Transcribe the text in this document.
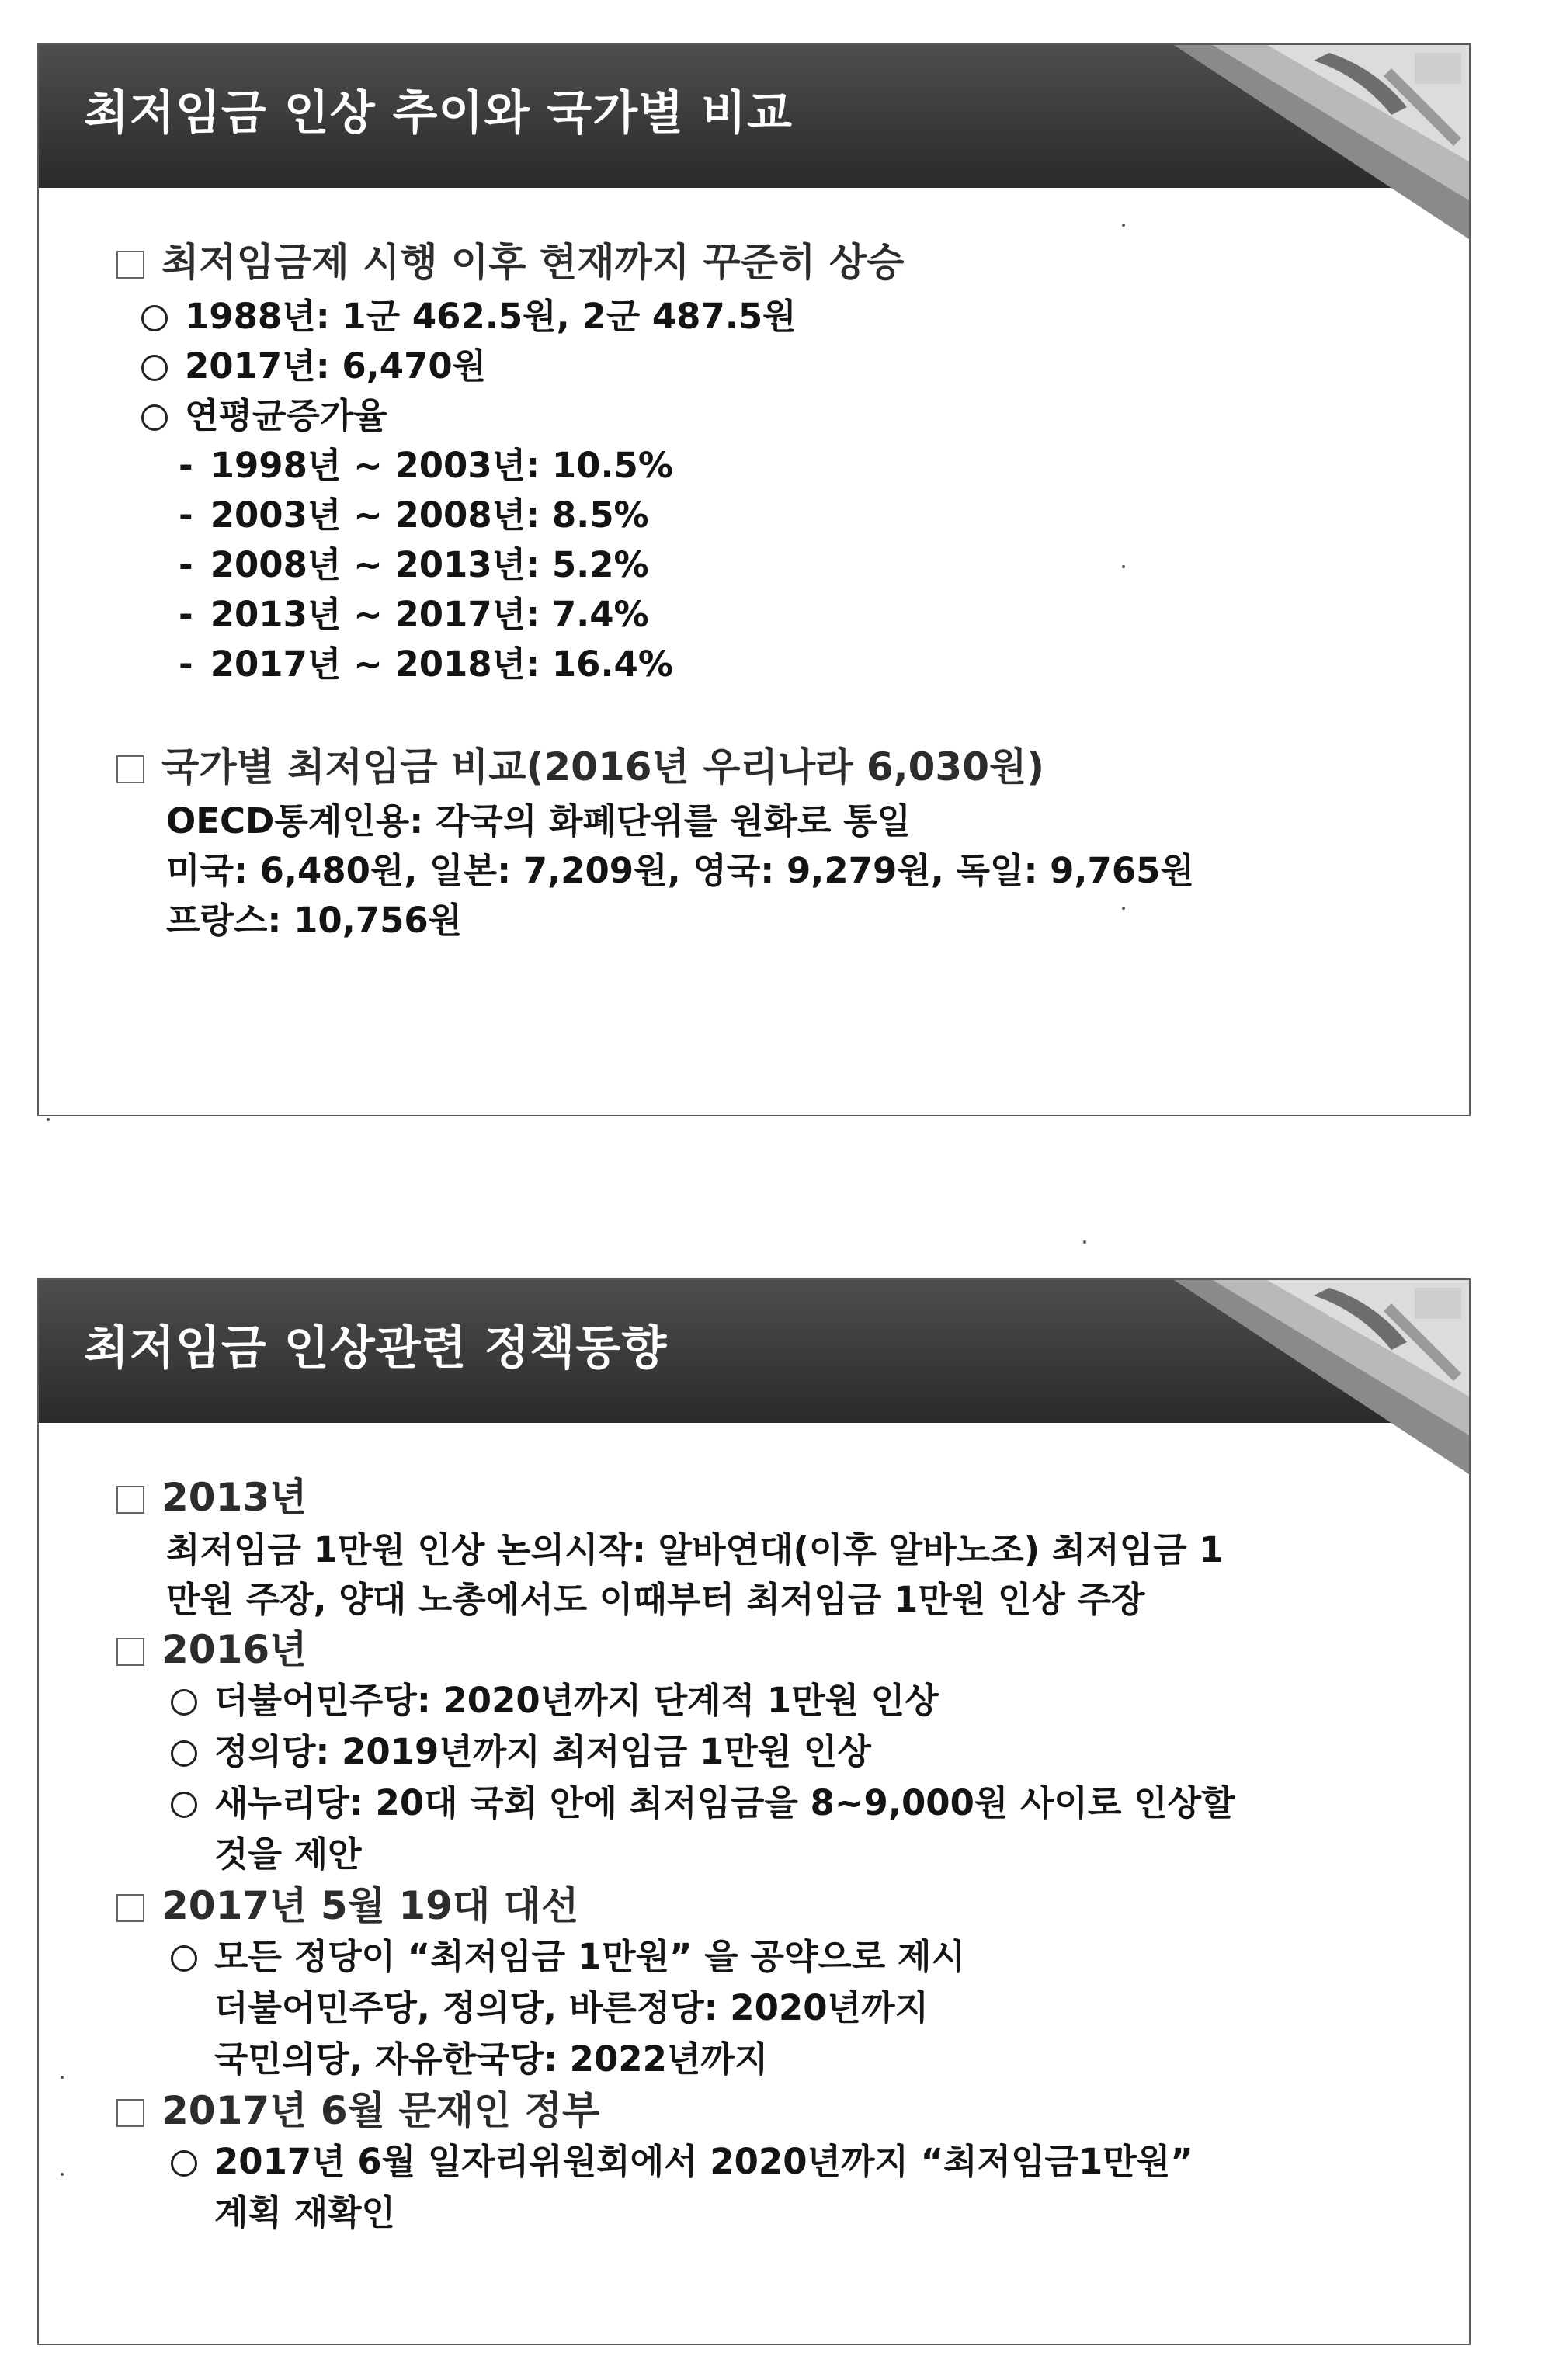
최저임금 인상 추이와 국가별 비교
최저임금제 시행 이후 현재까지 꾸준히 상승
1988년: 1군 462.5원, 2군 487.5원
2017년: 6,470원
연평균증가율
- 1998년 ~ 2003년: 10.5%
- 2003년 ~ 2008년: 8.5%
- 2008년 ~ 2013년: 5.2%
- 2013년 ~ 2017년: 7.4%
- 2017년 ~ 2018년: 16.4%
국가별 최저임금 비교(2016년 우리나라 6,030원)
OECD통계인용: 각국의 화폐단위를 원화로 통일
미국: 6,480원, 일본: 7,209원, 영국: 9,279원, 독일: 9,765원
프랑스: 10,756원
최저임금 인상관련 정책동향
2013년
최저임금 1만원 인상 논의시작: 알바연대(이후 알바노조) 최저임금 1
만원 주장, 양대 노총에서도 이때부터 최저임금 1만원 인상 주장
2016년
더불어민주당: 2020년까지 단계적 1만원 인상
정의당: 2019년까지 최저임금 1만원 인상
새누리당: 20대 국회 안에 최저임금을 8~9,000원 사이로 인상할
것을 제안
2017년 5월 19대 대선
모든 정당이 “최저임금 1만원” 을 공약으로 제시
더불어민주당, 정의당, 바른정당: 2020년까지
국민의당, 자유한국당: 2022년까지
2017년 6월 문재인 정부
2017년 6월 일자리위원회에서 2020년까지 “최저임금1만원”
계획 재확인
